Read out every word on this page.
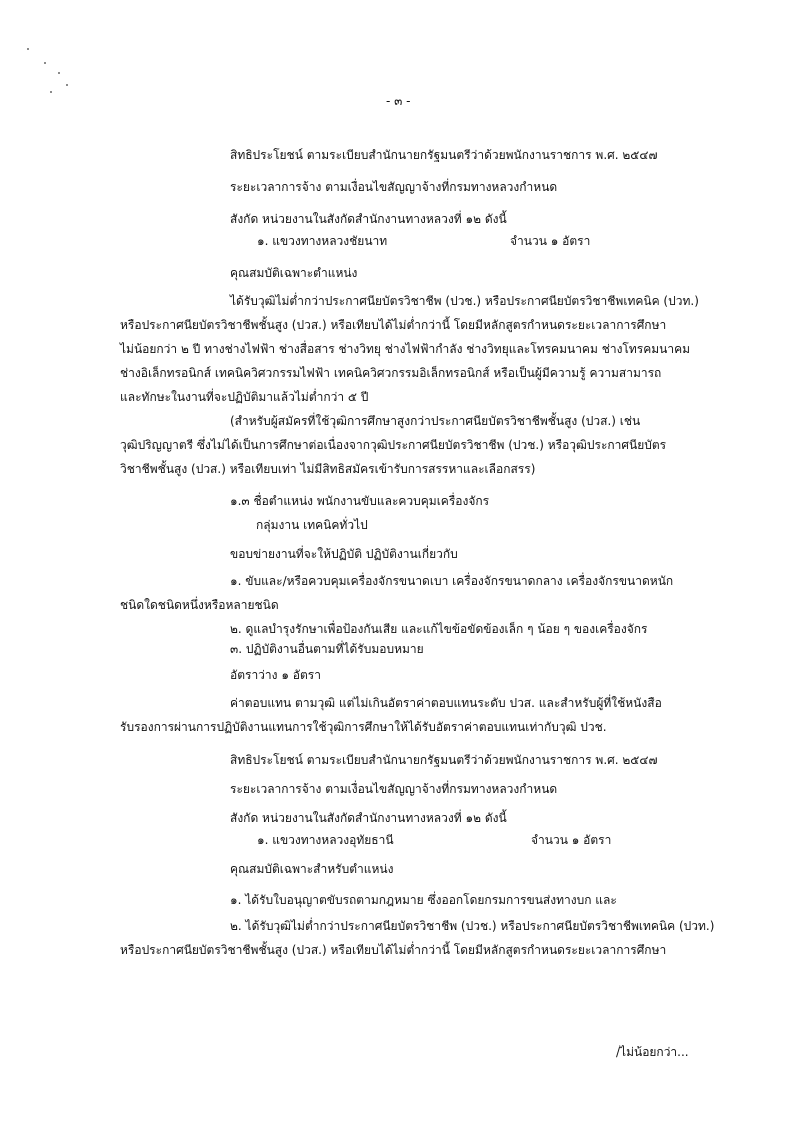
- ๓ -
สิทธิประโยชน์ ตามระเบียบสำนักนายกรัฐมนตรีว่าด้วยพนักงานราชการ พ.ศ. ๒๕๔๗
ระยะเวลาการจ้าง ตามเงื่อนไขสัญญาจ้างที่กรมทางหลวงกำหนด
สังกัด หน่วยงานในสังกัดสำนักงานทางหลวงที่ ๑๒ ดังนี้
๑. แขวงทางหลวงชัยนาท	จำนวน ๑ อัตรา
คุณสมบัติเฉพาะตำแหน่ง
ได้รับวุฒิไม่ต่ำกว่าประกาศนียบัตรวิชาชีพ (ปวช.) หรือประกาศนียบัตรวิชาชีพเทคนิค (ปวท.)
หรือประกาศนียบัตรวิชาชีพชั้นสูง (ปวส.) หรือเทียบได้ไม่ต่ำกว่านี้ โดยมีหลักสูตรกำหนดระยะเวลาการศึกษา
ไม่น้อยกว่า ๒ ปี ทางช่างไฟฟ้า ช่างสื่อสาร ช่างวิทยุ ช่างไฟฟ้ากำลัง ช่างวิทยุและโทรคมนาคม ช่างโทรคมนาคม
ช่างอิเล็กทรอนิกส์ เทคนิควิศวกรรมไฟฟ้า เทคนิควิศวกรรมอิเล็กทรอนิกส์ หรือเป็นผู้มีความรู้ ความสามารถ
และทักษะในงานที่จะปฏิบัติมาแล้วไม่ต่ำกว่า ๕ ปี
(สำหรับผู้สมัครที่ใช้วุฒิการศึกษาสูงกว่าประกาศนียบัตรวิชาชีพชั้นสูง (ปวส.) เช่น
วุฒิปริญญาตรี ซึ่งไม่ได้เป็นการศึกษาต่อเนื่องจากวุฒิประกาศนียบัตรวิชาชีพ (ปวช.) หรือวุฒิประกาศนียบัตร
วิชาชีพชั้นสูง (ปวส.) หรือเทียบเท่า ไม่มีสิทธิสมัครเข้ารับการสรรหาและเลือกสรร)
๑.๓ ชื่อตำแหน่ง พนักงานขับและควบคุมเครื่องจักร
กลุ่มงาน เทคนิคทั่วไป
ขอบข่ายงานที่จะให้ปฏิบัติ ปฏิบัติงานเกี่ยวกับ
๑. ขับและ/หรือควบคุมเครื่องจักรขนาดเบา เครื่องจักรขนาดกลาง เครื่องจักรขนาดหนัก
ชนิดใดชนิดหนึ่งหรือหลายชนิด
๒. ดูแลบำรุงรักษาเพื่อป้องกันเสีย และแก้ไขข้อขัดข้องเล็ก ๆ น้อย ๆ ของเครื่องจักร
๓. ปฏิบัติงานอื่นตามที่ได้รับมอบหมาย
อัตราว่าง ๑ อัตรา
ค่าตอบแทน ตามวุฒิ แต่ไม่เกินอัตราค่าตอบแทนระดับ ปวส. และสำหรับผู้ที่ใช้หนังสือ
รับรองการผ่านการปฏิบัติงานแทนการใช้วุฒิการศึกษาให้ได้รับอัตราค่าตอบแทนเท่ากับวุฒิ ปวช.
สิทธิประโยชน์ ตามระเบียบสำนักนายกรัฐมนตรีว่าด้วยพนักงานราชการ พ.ศ. ๒๕๔๗
ระยะเวลาการจ้าง ตามเงื่อนไขสัญญาจ้างที่กรมทางหลวงกำหนด
สังกัด หน่วยงานในสังกัดสำนักงานทางหลวงที่ ๑๒ ดังนี้
๑. แขวงทางหลวงอุทัยธานี	จำนวน ๑ อัตรา
คุณสมบัติเฉพาะสำหรับตำแหน่ง
๑. ได้รับใบอนุญาตขับรถตามกฎหมาย ซึ่งออกโดยกรมการขนส่งทางบก และ
๒. ได้รับวุฒิไม่ต่ำกว่าประกาศนียบัตรวิชาชีพ (ปวช.) หรือประกาศนียบัตรวิชาชีพเทคนิค (ปวท.)
หรือประกาศนียบัตรวิชาชีพชั้นสูง (ปวส.) หรือเทียบได้ไม่ต่ำกว่านี้ โดยมีหลักสูตรกำหนดระยะเวลาการศึกษา
/ไม่น้อยกว่า...
